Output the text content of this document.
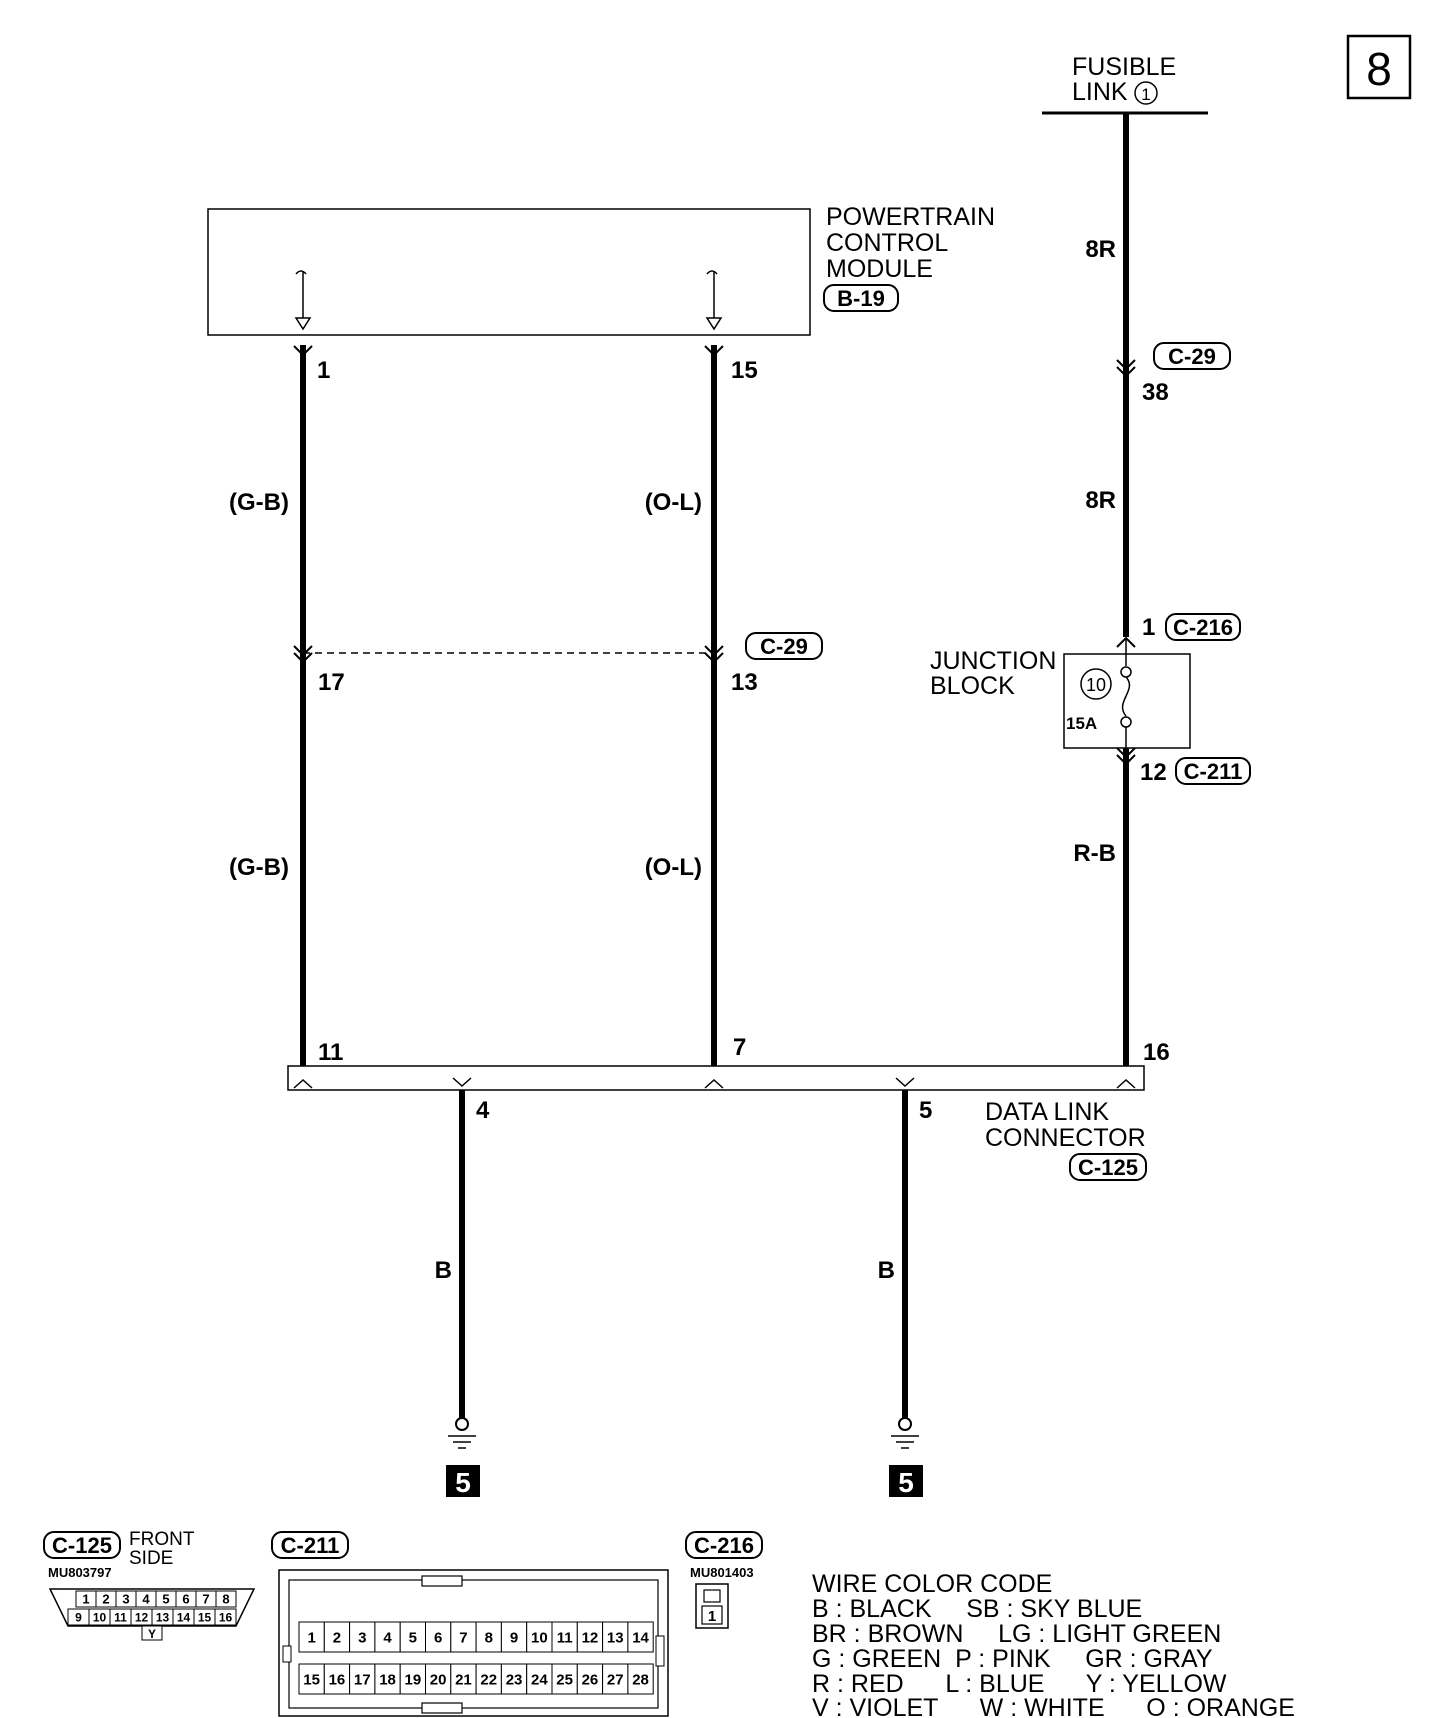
8
FUSIBLE
LINK 1
POWERTRAIN
CONTROL
MODULE
B-19
8R
8R
(G-B)
(G-B)
(O-L)
(O-L)
R-B
B	B
1	15
38
17	13
11	7	16
4	5
C-29
C-29
1 C-216
JUNCTION
BLOCK	10
15A
12 C-211
DATA LINK
CONNECTOR
C-125
5	5
C-125 FRONT
SIDE
MU803797
1 2 3 4 5 6 7 8
9 10 11 12 13 14 15 16
Y
C-211
1 2 3 4 5 6 7 8 9 10 11 12 13 14
15 16 17 18 19 20 21 22 23 24 25 26 27 28
C-216
MU801403
1
WIRE COLOR CODE
B : BLACK     SB : SKY BLUE
BR : BROWN     LG : LIGHT GREEN
G : GREEN  P : PINK     GR : GRAY
R : RED      L : BLUE      Y : YELLOW
V : VIOLET      W : WHITE      O : ORANGE
